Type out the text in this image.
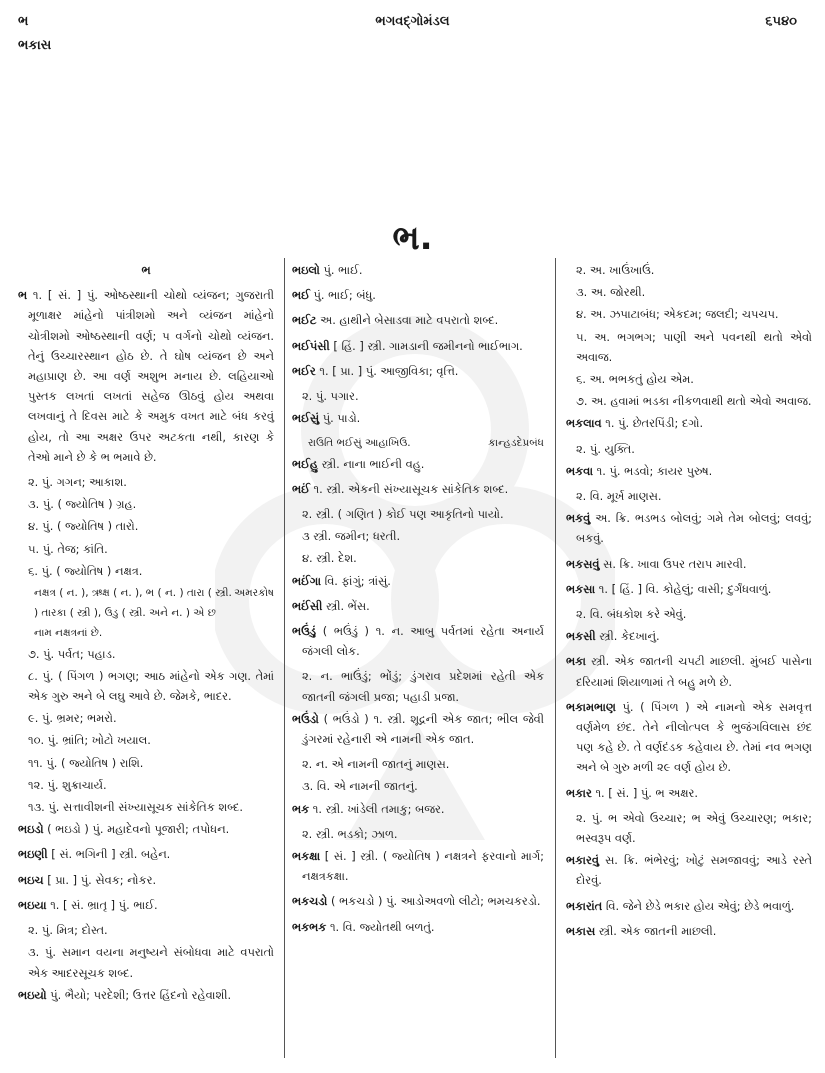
ભ
ભકાસ
ભગવદ્ગોમંડલ	૬૫૪૦
ભ.
ભ
ભ ૧. [ સં. ] પું. ઓષ્ઠસ્થાની ચોથો વ્યંજન; ગુજરાતી મૂળાક્ષર માંહેનો પાંત્રીશમો અને વ્યંજન માંહેનો ચોત્રીશમો ઓષ્ઠસ્થાની વર્ણ; પ વર્ગનો ચોથો વ્યંજન. તેનું ઉચ્ચારસ્થાન હોઠ છે. તે ઘોષ વ્યંજન છે અને મહાપ્રાણ છે. આ વર્ણ અશુભ મનાય છે. લહિયાઓ પુસ્તક લખતાં લખતાં સહેજ ઊઠવું હોય અથવા લખવાનું તે દિવસ માટે કે અમુક વખત માટે બંધ કરવું હોય, તો આ અક્ષર ઉપર અટકતા નથી, કારણ કે તેઓ માને છે કે ભ ભમાવે છે.
૨. પું. ગગન; આકાશ.
૩. પું. ( જ્યોતિષ ) ગ્રહ.
૪. પું. ( જ્યોતિષ ) તારો.
૫. પું. તેજ; કાંતિ.
૬. પું. ( જ્યોતિષ ) નક્ષત્ર.
નક્ષત્ર ( ન. ), ઋક્ષ ( ન. ), ભ ( ન. ) તારા ( સ્ત્રી. ) તારકા ( સ્ત્રી ), ઉડુ ( સ્ત્રી. અને ન. ) એ છ નામ નક્ષત્રનાં છે.
અમરકોષ
૭. પું. પર્વત; પહાડ.
૮. પું. ( પિંગળ ) ભગણ; આઠ માંહેનો એક ગણ. તેમાં એક ગુરુ અને બે લઘુ આવે છે. જેમકે, ભાદર.
૯. પું. ભ્રમર; ભમરો.
૧૦. પું. ભ્રાંતિ; ખોટો ખયાલ.
૧૧. પું. ( જ્યોતિષ ) રાશિ.
૧૨. પું. શુક્રાચાર્ય.
૧૩. પું. સત્તાવીશની સંખ્યાસૂચક સાંકેતિક શબ્દ.
ભઇડો ( ભઇડો ) પું. મહાદેવનો પૂજારી; તપોધન.
ભઇણી [ સં. ભગિની ] સ્ત્રી. બહેન.
ભઇચ [ પ્રા. ] પું. સેવક; નોકર.
ભઇયા ૧. [ સં. ભ્રાતૃ ] પું. ભાઈ.
૨. પું. મિત્ર; દોસ્ત.
૩. પું. સમાન વયના મનુષ્યને સંબોધવા માટે વપરાતો એક આદરસૂચક શબ્દ.
ભઇયો પું. ભૈયો; પરદેશી; ઉત્તર હિંદનો રહેવાશી.
ભઇલો પું. ભાઈ.
ભઈ પું. ભાઈ; બંધુ.
ભઈટ અ. હાથીને બેસાડવા માટે વપરાતો શબ્દ.
ભઈપંસી [ હિં. ] સ્ત્રી. ગામડાની જમીનનો ભાઈભાગ.
ભઈર ૧. [ પ્રા. ] પું. આજીવિકા; વૃત્તિ.
૨. પું. પગાર.
ભઈસું પું. પાડો.
રાઉતિ ભઈસું આહાખિઉ.	કાન્હડદેપ્રબંધ
ભઈહુ સ્ત્રી. નાના ભાઈની વહુ.
ભઈં ૧. સ્ત્રી. એકની સંખ્યાસૂચક સાંકેતિક શબ્દ.
૨. સ્ત્રી. ( ગણિત ) કોઈ પણ આકૃતિનો પાયો.
૩ સ્ત્રી. જમીન; ધરતી.
૪. સ્ત્રી. દેશ.
ભઈંગા વિ. ફાંગું; ત્રાંસું.
ભઈંસી સ્ત્રી. ભેંસ.
ભઉંડું ( ભઉંડું ) ૧. ન. આબુ પર્વતમાં રહેતા અનાર્ય જંગલી લોક.
૨. ન. ભાઉંડું; ભોંડું; ડુંગરાવ પ્રદેશમાં રહેતી એક જાતની જંગલી પ્રજા; પહાડી પ્રજા.
ભઉંડો ( ભઉંડો ) ૧. સ્ત્રી. શૂદ્રની એક જાત; ભીલ જેવી ડુંગરમાં રહેનારી એ નામની એક જાત.
૨. ન. એ નામની જાતનું માણસ.
૩. વિ. એ નામની જાતનું.
ભક ૧. સ્ત્રી. ખાંડેલી તમાકુ; બજર.
૨. સ્ત્રી. ભડકો; ઝાળ.
ભકક્ષા [ સં. ] સ્ત્રી. ( જ્યોતિષ ) નક્ષત્રને ફરવાનો માર્ગ; નક્ષત્રકક્ષા.
ભકચડો ( ભકચડો ) પું. આડોઅવળો લીટો; ભમચકરડો.
ભકભક ૧. વિ. જ્યોતથી બળતું.
૨. અ. ખાઉંખાઉં.
૩. અ. જોરથી.
૪. અ. ઝપાટાબંધ; એકદમ; જલદી; ચપચપ.
૫. અ. ભગભગ; પાણી અને પવનથી થતો એવો અવાજ.
૬. અ. ભભકતું હોય એમ.
૭. અ. હવામાં ભડકા નીકળવાથી થતો એવો અવાજ.
ભકલાવ ૧. પું. છેતરપિંડી; દગો.
૨. પું. યુક્તિ.
ભકવા ૧. પું. ભડવો; કાયર પુરુષ.
૨. વિ. મૂર્ખ માણસ.
ભકવું અ. ક્રિ. ભડભડ બોલવું; ગમે તેમ બોલવું; લવવું; બકવું.
ભકસવું સ. ક્રિ. ખાવા ઉપર તરાપ મારવી.
ભકસા ૧. [ હિં. ] વિ. કોહેલું; વાસી; દુર્ગંધવાળું.
૨. વિ. બંધકોશ કરે એવું.
ભકસી સ્ત્રી. કેદખાનું.
ભકા સ્ત્રી. એક જાતની ચપટી માછલી. મુંબઈ પાસેના દરિયામાં શિયાળામાં તે બહુ મળે છે.
ભકામભાણ પું. ( પિંગળ ) એ નામનો એક સમવૃત્ત વર્ણમેળ છંદ. તેને નીલોત્પલ કે ભુજંગવિલાસ છંદ પણ કહે છે. તે વર્ણદંડક કહેવાય છે. તેમાં નવ ભગણ અને બે ગુરુ મળી ૨૯ વર્ણ હોય છે.
ભકાર ૧. [ સં. ] પું. ભ અક્ષર.
૨. પું. ભ એવો ઉચ્ચાર; ભ એવું ઉચ્ચારણ; ભકાર; ભસ્વરૂપ વર્ણ.
ભકારવું સ. ક્રિ. ભંભેરવું; ખોટું સમજાવવું; આડે રસ્તે દોરવું.
ભકારાંત વિ. જેને છેડે ભકાર હોય એવું; છેડે ભવાળું.
ભકાસ સ્ત્રી. એક જાતની માછલી.
